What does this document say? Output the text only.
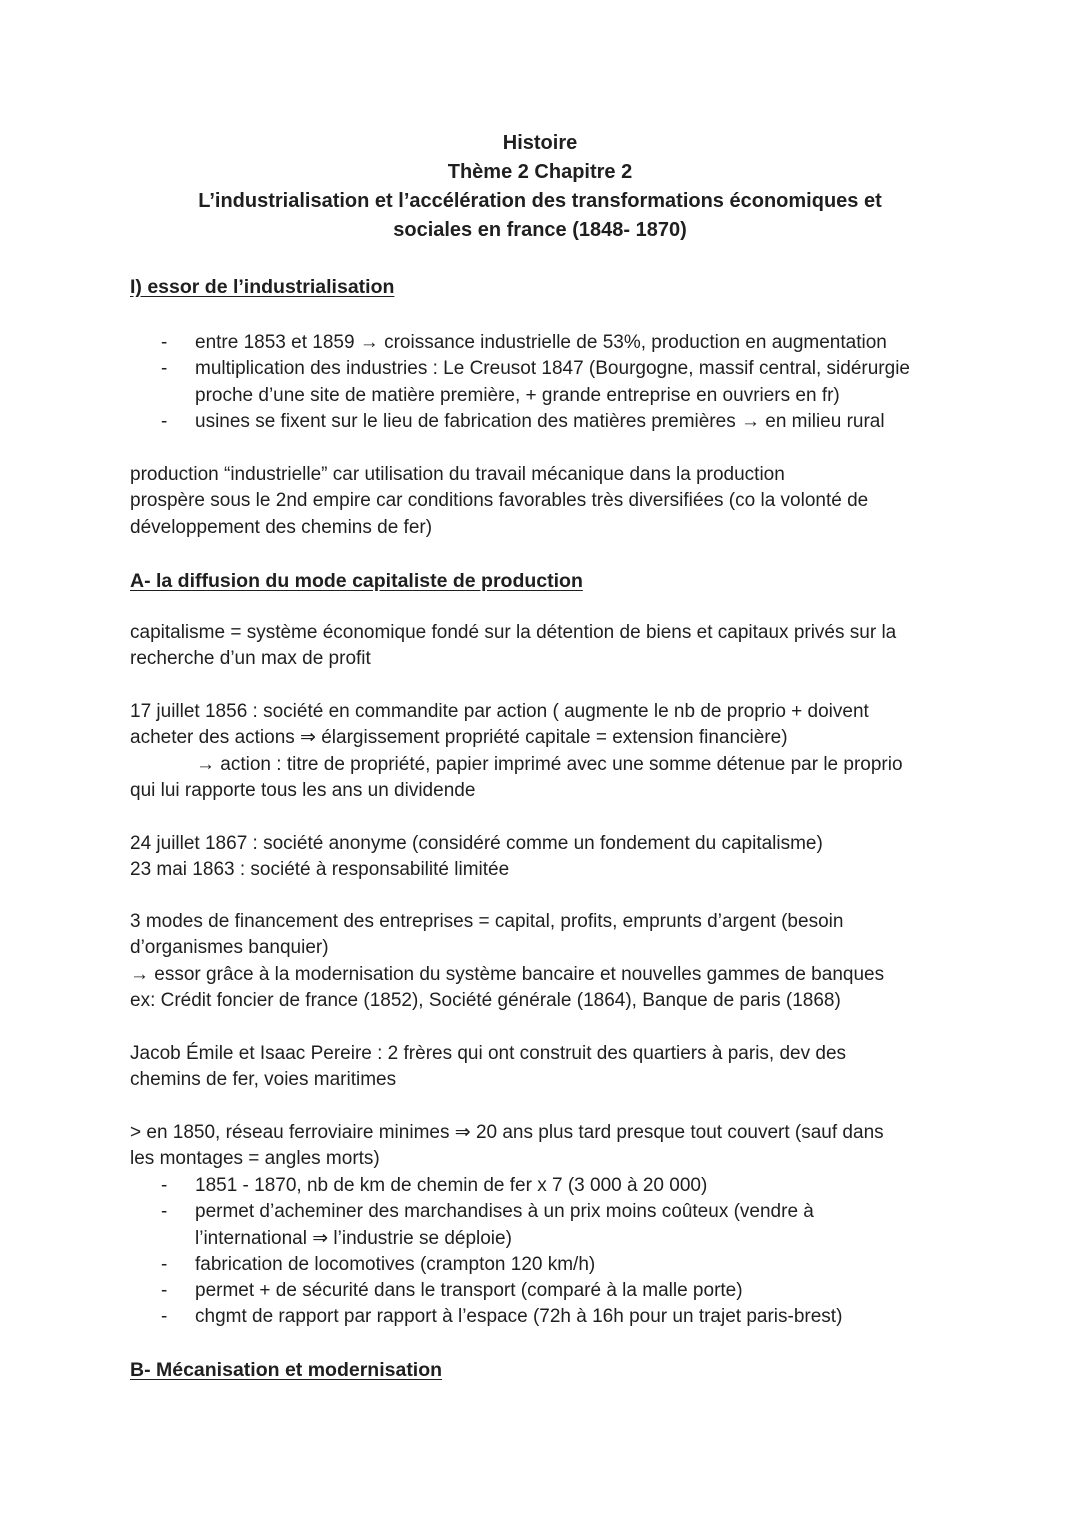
Histoire
Thème 2 Chapitre 2
L’industrialisation et l’accélération des transformations économiques et
sociales en france (1848- 1870)
I) essor de l’industrialisation
- entre 1853 et 1859 → croissance industrielle de 53%, production en augmentation
- multiplication des industries : Le Creusot 1847 (Bourgogne, massif central, sidérurgie
proche d’une site de matière première, + grande entreprise en ouvriers en fr)
- usines se fixent sur le lieu de fabrication des matières premières → en milieu rural
production “industrielle” car utilisation du travail mécanique dans la production
prospère sous le 2nd empire car conditions favorables très diversifiées (co la volonté de
développement des chemins de fer)
A- la diffusion du mode capitaliste de production
capitalisme = système économique fondé sur la détention de biens et capitaux privés sur la
recherche d’un max de profit
17 juillet 1856 : société en commandite par action ( augmente le nb de proprio + doivent
acheter des actions ⇒ élargissement propriété capitale = extension financière)
→ action : titre de propriété, papier imprimé avec une somme détenue par le proprio
qui lui rapporte tous les ans un dividende
24 juillet 1867 : société anonyme (considéré comme un fondement du capitalisme)
23 mai 1863 : société à responsabilité limitée
3 modes de financement des entreprises = capital, profits, emprunts d’argent (besoin
d’organismes banquier)
→ essor grâce à la modernisation du système bancaire et nouvelles gammes de banques
ex: Crédit foncier de france (1852), Société générale (1864), Banque de paris (1868)
Jacob Émile et Isaac Pereire : 2 frères qui ont construit des quartiers à paris, dev des
chemins de fer, voies maritimes
> en 1850, réseau ferroviaire minimes ⇒ 20 ans plus tard presque tout couvert (sauf dans
les montages = angles morts)
- 1851 - 1870, nb de km de chemin de fer x 7 (3 000 à 20 000)
- permet d’acheminer des marchandises à un prix moins coûteux (vendre à
l’international ⇒ l’industrie se déploie)
- fabrication de locomotives (crampton 120 km/h)
- permet + de sécurité dans le transport (comparé à la malle porte)
- chgmt de rapport par rapport à l’espace (72h à 16h pour un trajet paris-brest)
B- Mécanisation et modernisation
